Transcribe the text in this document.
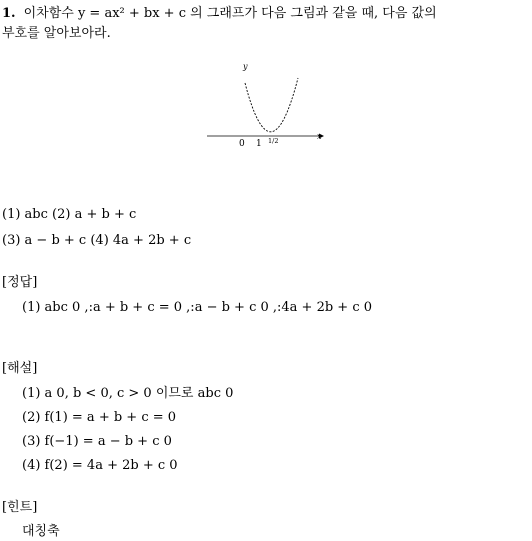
1. 이차함수 y = ax² + bx + c 의 그래프가 다음 그림과 같을 때, 다음 값의
부호를 알아보아라.
y
x
0 1 1/2
(1) abc (2) a + b + c
(3) a − b + c (4) 4a + 2b + c
[정답]
(1) abc 0 ,:a + b + c = 0 ,:a − b + c 0 ,:4a + 2b + c 0
[해설]
(1) a 0, b < 0, c > 0 이므로 abc 0
(2) f(1) = a + b + c = 0
(3) f(−1) = a − b + c 0
(4) f(2) = 4a + 2b + c 0
[힌트]
대칭축
